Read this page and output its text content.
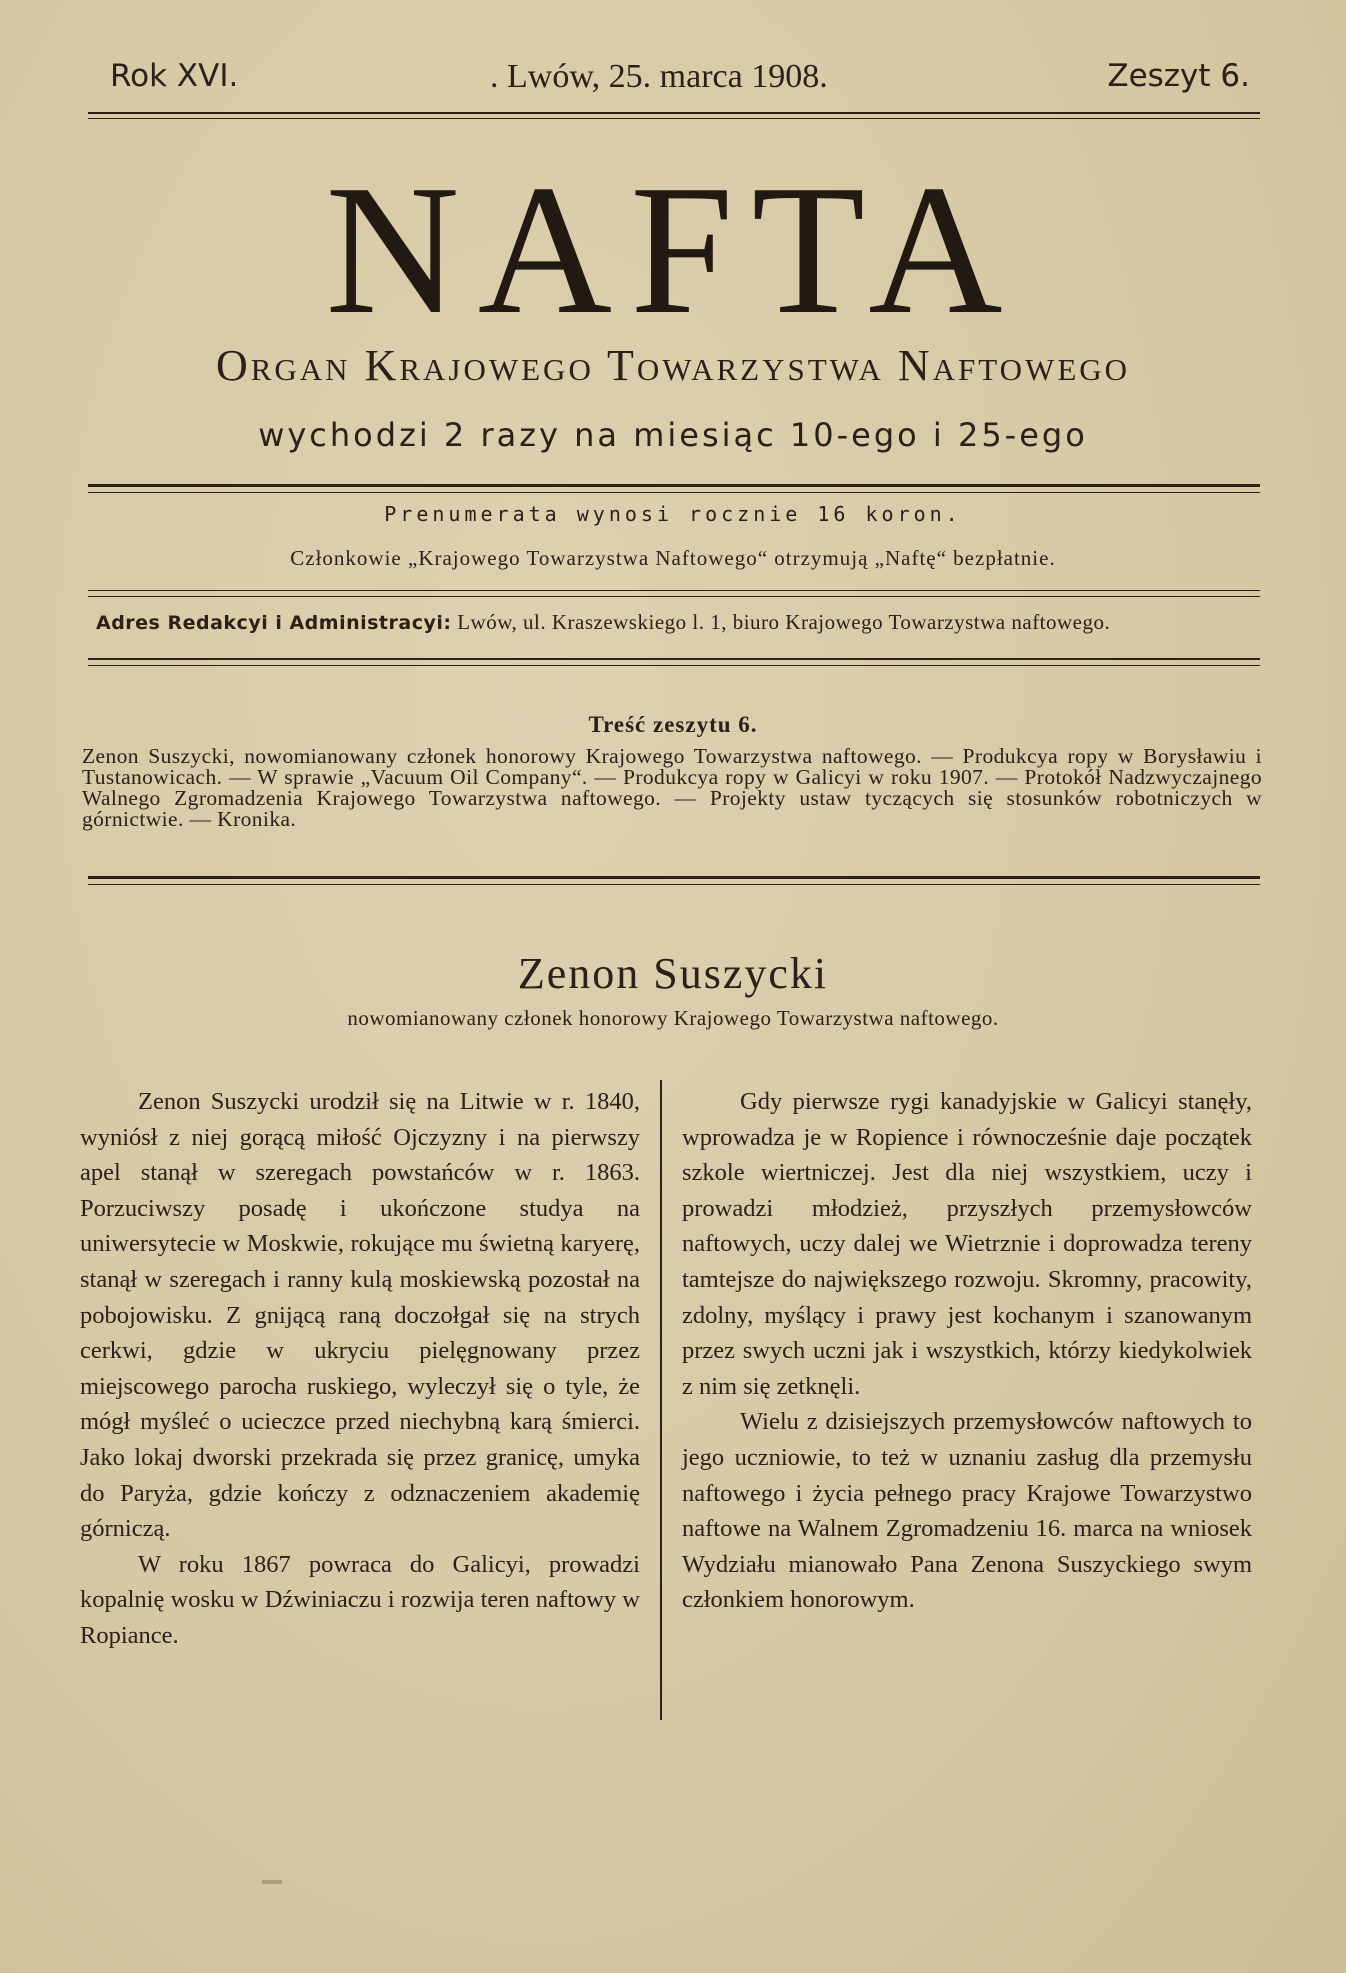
Rok XVI.	. Lwów, 25. marca 1908.	Zeszyt 6.
NAFTA
Organ Krajowego Towarzystwa Naftowego
wychodzi 2 razy na miesiąc 10-ego i 25-ego
Prenumerata wynosi rocznie 16 koron.
Członkowie „Krajowego Towarzystwa Naftowego“ otrzymują „Naftę“ bezpłatnie.
Adres Redakcyi i Administracyi: Lwów, ul. Kraszewskiego l. 1, biuro Krajowego Towarzystwa naftowego.
Treść zeszytu 6.
Zenon Suszycki, nowomianowany członek honorowy Krajowego Towarzystwa naftowego. — Produkcya ropy w Borysławiu i Tustanowicach. — W sprawie „Vacuum Oil Company“. — Produkcya ropy w Galicyi w roku 1907. — Protokół Nadzwyczajnego Walnego Zgromadzenia Krajowego Towarzystwa naftowego. — Projekty ustaw tyczących się stosunków robotniczych w górnictwie. — Kronika.
Zenon Suszycki
nowomianowany członek honorowy Krajowego Towarzystwa naftowego.

Zenon Suszycki urodził się na Litwie w r. 1840, wyniósł z niej gorącą miłość Ojczyzny i na pierwszy apel stanął w szeregach powstańców w r. 1863. Porzuciwszy posadę i ukończone studya na uniwersytecie w Moskwie, rokujące mu świetną karyerę, stanął w szeregach i ranny kulą moskiewską pozostał na pobojowisku. Z gnijącą raną doczołgał się na strych cerkwi, gdzie w ukryciu pielęgnowany przez miejscowego parocha ruskiego, wyleczył się o tyle, że mógł myśleć o ucieczce przed niechybną karą śmierci. Jako lokaj dworski przekrada się przez granicę, umyka do Paryża, gdzie kończy z odznaczeniem akademię górniczą.

W roku 1867 powraca do Galicyi, prowadzi kopalnię wosku w Dźwiniaczu i rozwija teren naftowy w Ropiance.

Gdy pierwsze rygi kanadyjskie w Galicyi stanęły, wprowadza je w Ropience i równocześnie daje początek szkole wiertniczej. Jest dla niej wszystkiem, uczy i prowadzi młodzież, przyszłych przemysłowców naftowych, uczy dalej we Wietrznie i doprowadza tereny tamtejsze do największego rozwoju. Skromny, pracowity, zdolny, myślący i prawy jest kochanym i szanowanym przez swych uczni jak i wszystkich, którzy kiedykolwiek z nim się zetknęli.

Wielu z dzisiejszych przemysłowców naftowych to jego uczniowie, to też w uznaniu zasług dla przemysłu naftowego i życia pełnego pracy Krajowe Towarzystwo naftowe na Walnem Zgromadzeniu 16. marca na wniosek Wydziału mianowało Pana Zenona Suszyckiego swym członkiem honorowym.
